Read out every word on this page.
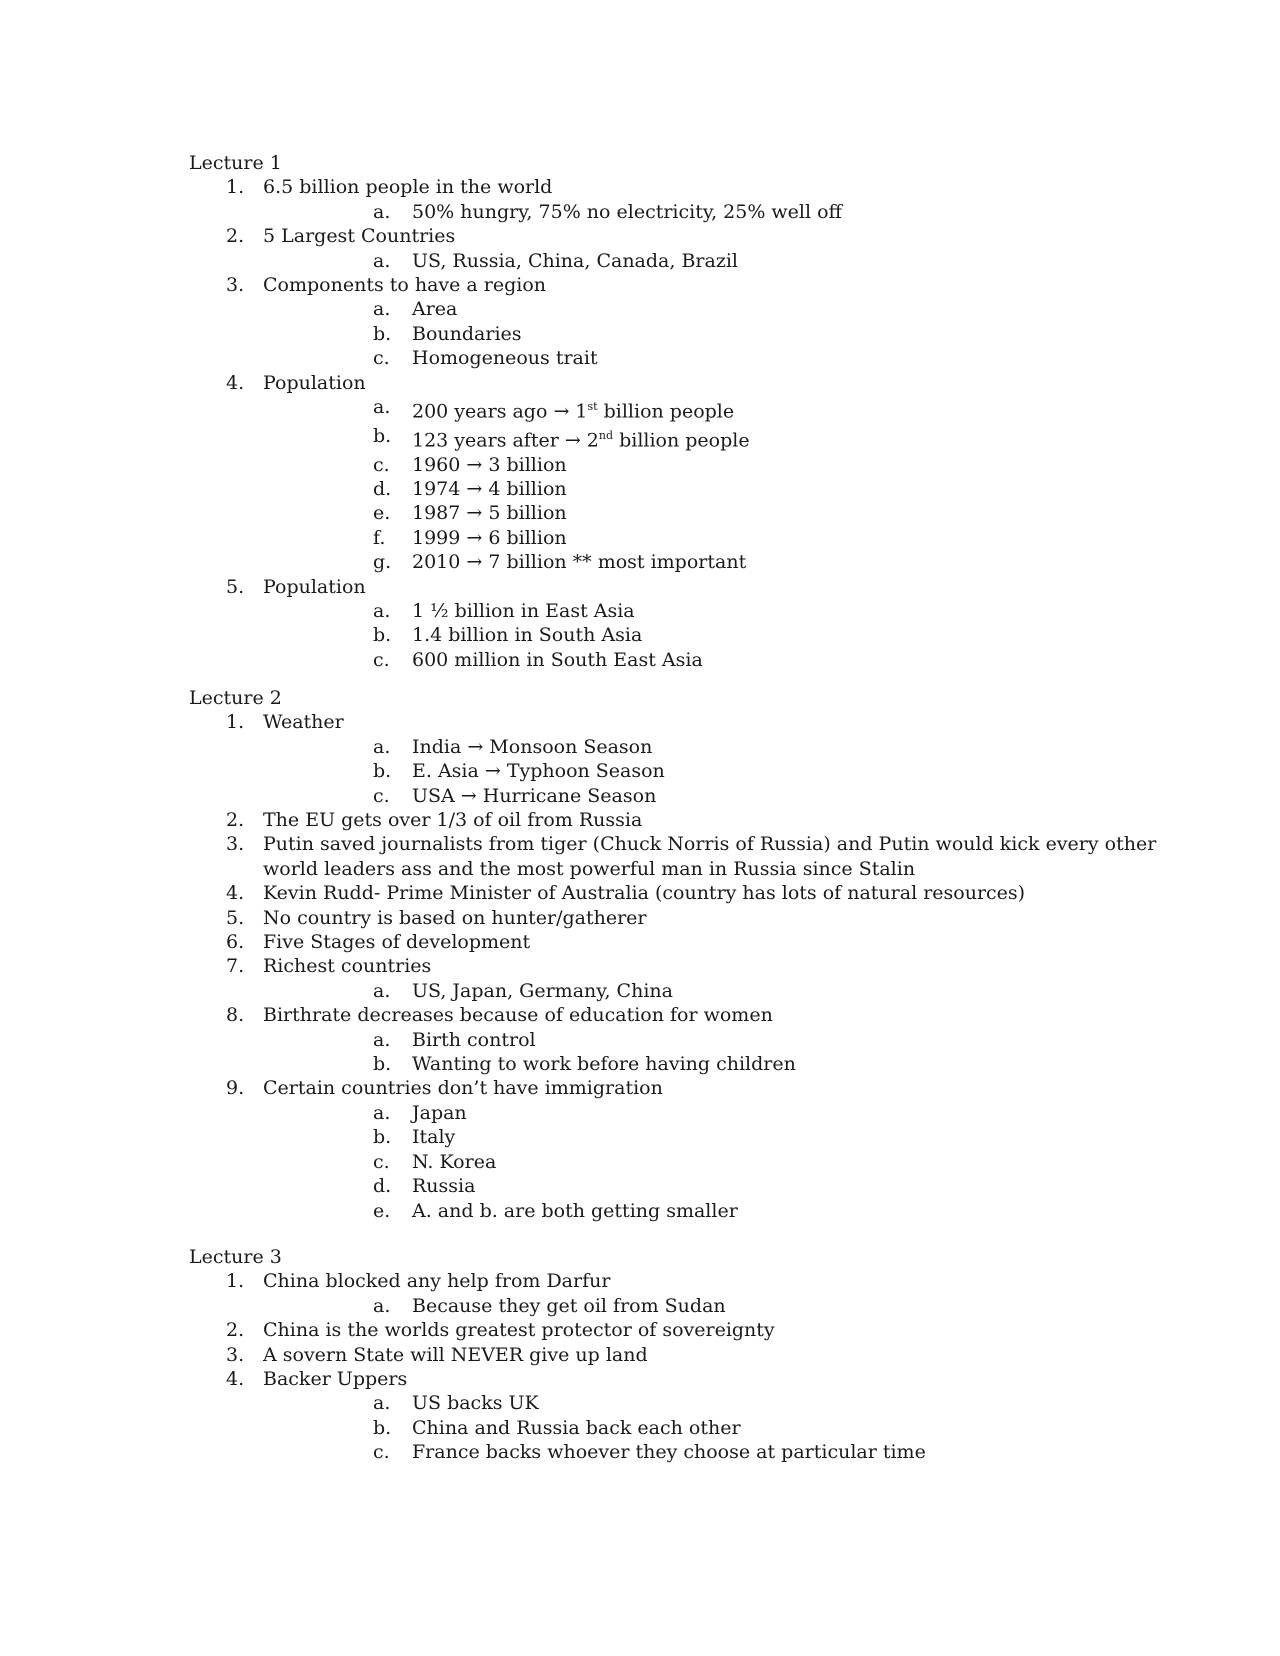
Lecture 1
1. 6.5 billion people in the world
a. 50% hungry, 75% no electricity, 25% well off
2. 5 Largest Countries
a. US, Russia, China, Canada, Brazil
3. Components to have a region
a. Area
b. Boundaries
c. Homogeneous trait
4. Population
a. 200 years ago → 1st billion people
b. 123 years after → 2nd billion people
c. 1960 → 3 billion
d. 1974 → 4 billion
e. 1987 → 5 billion
f. 1999 → 6 billion
g. 2010 → 7 billion ** most important
5. Population
a. 1 ½ billion in East Asia
b. 1.4 billion in South Asia
c. 600 million in South East Asia
Lecture 2
1. Weather
a. India → Monsoon Season
b. E. Asia → Typhoon Season
c. USA → Hurricane Season
2. The EU gets over 1/3 of oil from Russia
3. Putin saved journalists from tiger (Chuck Norris of Russia) and Putin would kick every other
world leaders ass and the most powerful man in Russia since Stalin
4. Kevin Rudd- Prime Minister of Australia (country has lots of natural resources)
5. No country is based on hunter/gatherer
6. Five Stages of development
7. Richest countries
a. US, Japan, Germany, China
8. Birthrate decreases because of education for women
a. Birth control
b. Wanting to work before having children
9. Certain countries don’t have immigration
a. Japan
b. Italy
c. N. Korea
d. Russia
e. A. and b. are both getting smaller
Lecture 3
1. China blocked any help from Darfur
a. Because they get oil from Sudan
2. China is the worlds greatest protector of sovereignty
3. A sovern State will NEVER give up land
4. Backer Uppers
a. US backs UK
b. China and Russia back each other
c. France backs whoever they choose at particular time
